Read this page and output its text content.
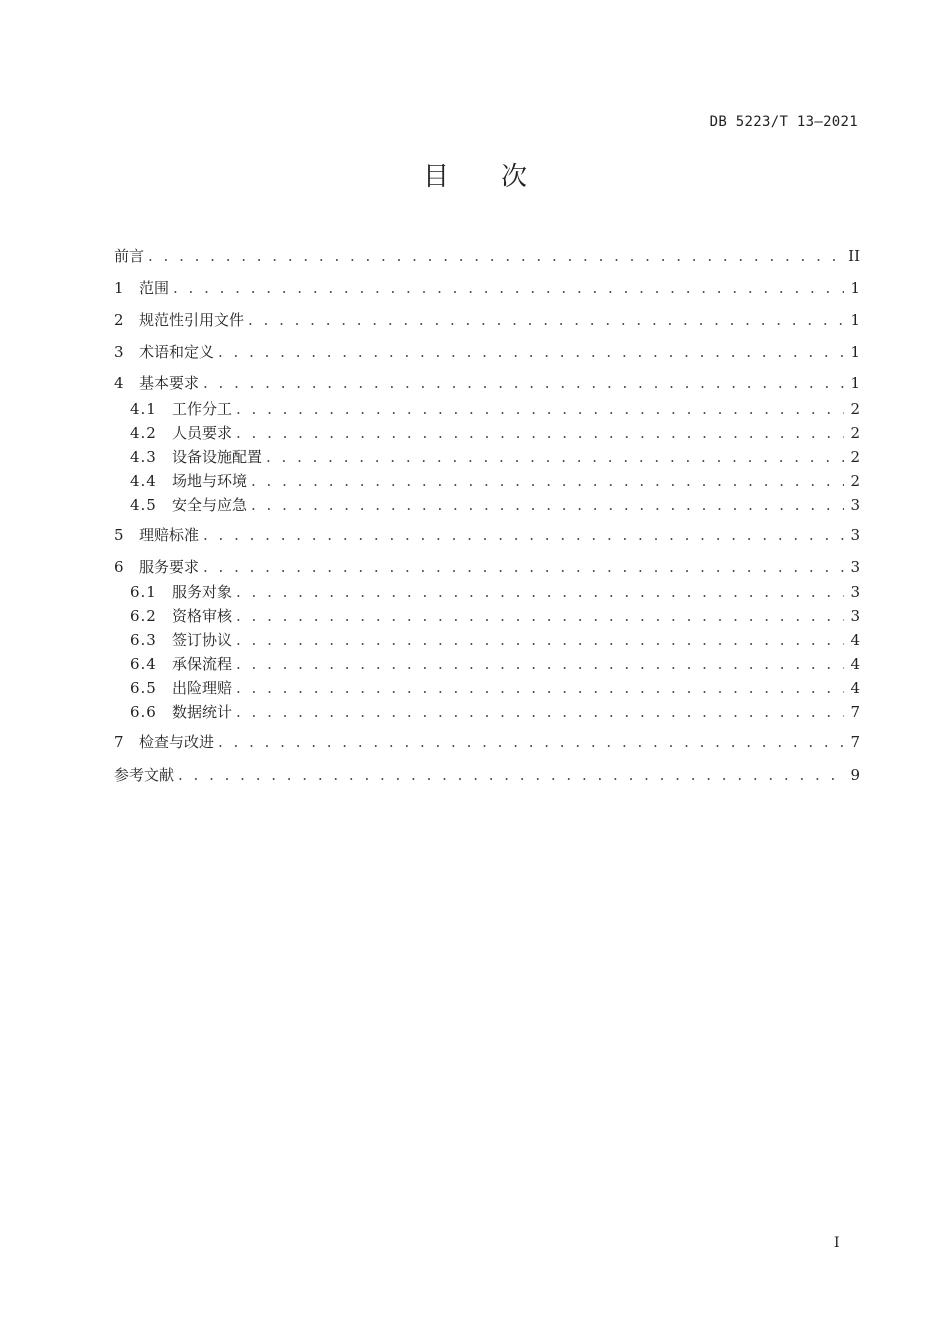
DB 5223/T 13—2021
目 次
前言 . . .	II
1	范围 . . .	1
2	规范性引用文件 . . .	1
3	术语和定义 . . .	1
4	基本要求 . . .	1
4.1	工作分工 . . .	2
4.2	人员要求 . . .	2
4.3	设备设施配置 . . .	2
4.4	场地与环境 . . .	2
4.5	安全与应急 . . .	3
5	理赔标准 . . .	3
6	服务要求 . . .	3
6.1	服务对象 . . .	3
6.2	资格审核 . . .	3
6.3	签订协议 . . .	4
6.4	承保流程 . . .	4
6.5	出险理赔 . . .	4
6.6	数据统计 . . .	7
7	检查与改进 . . .	7
参考文献 . . .	9
I
